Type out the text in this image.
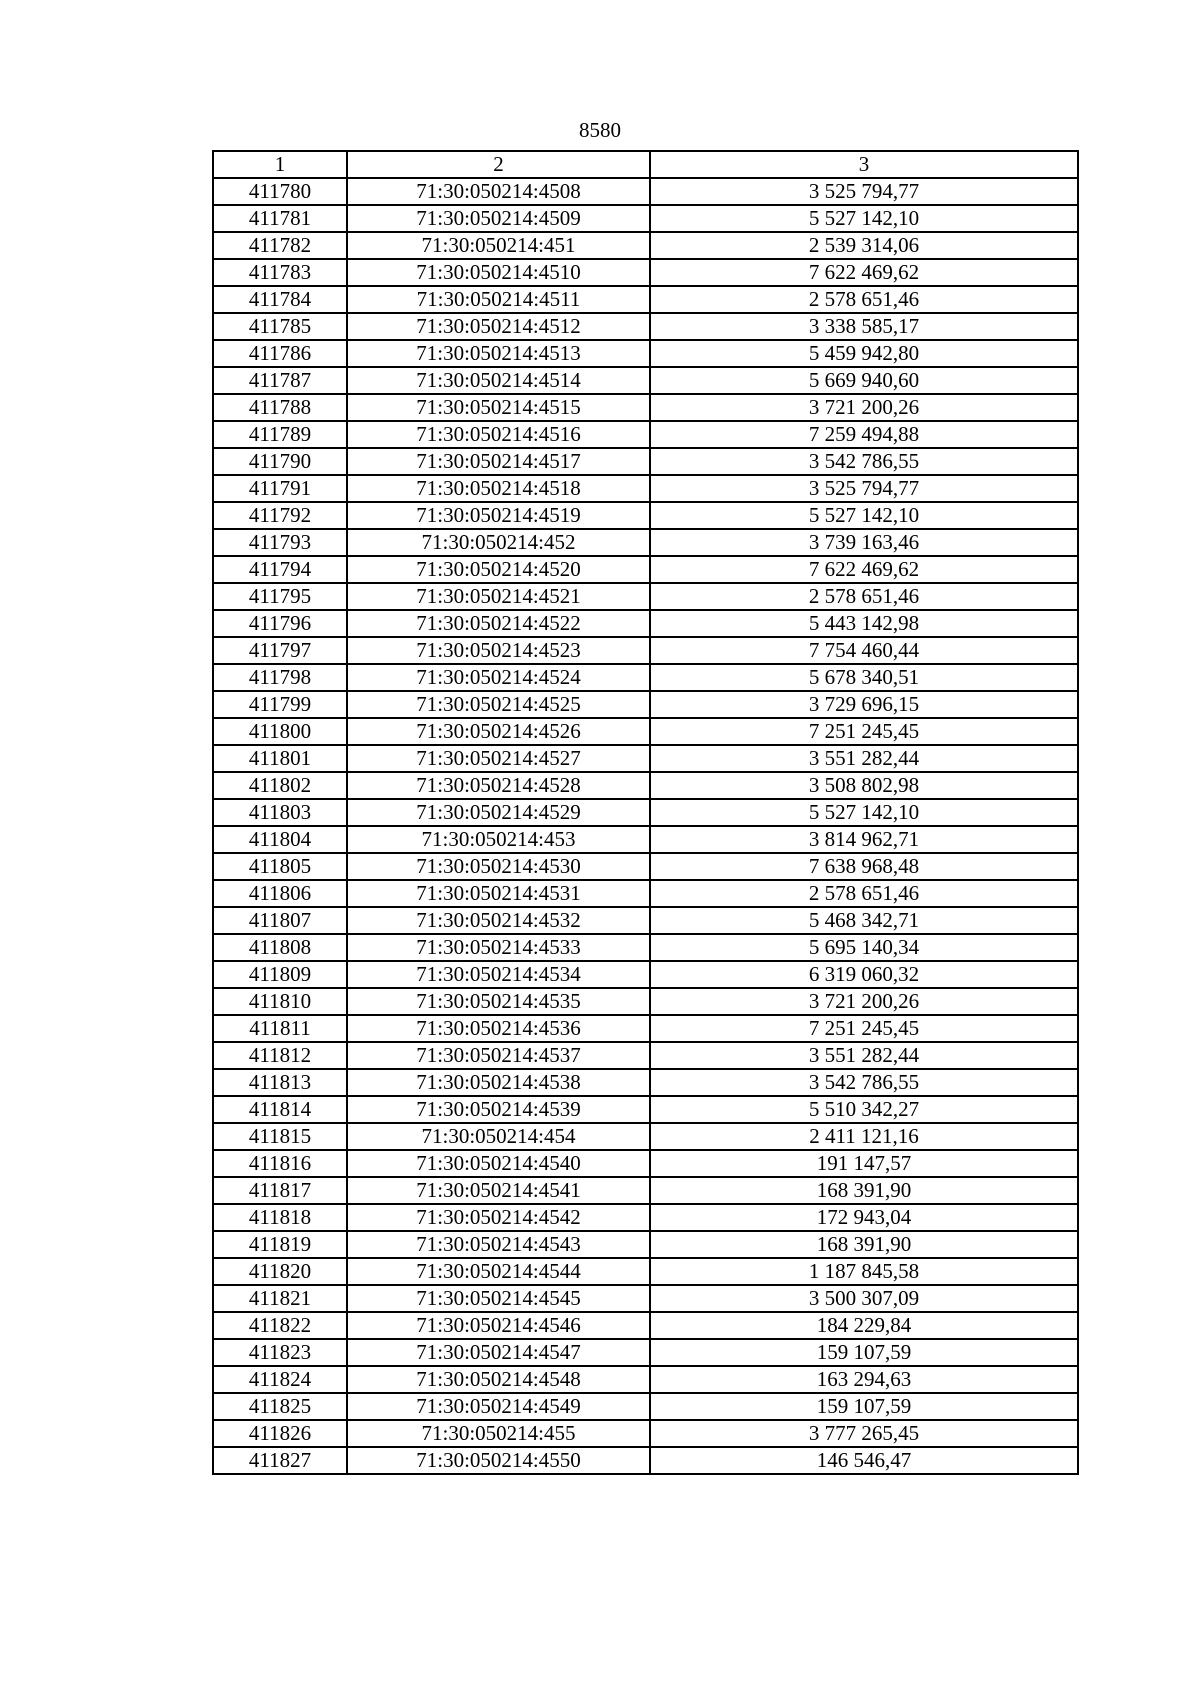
8580
1	2	3
411780	71:30:050214:4508	3 525 794,77
411781	71:30:050214:4509	5 527 142,10
411782	71:30:050214:451	2 539 314,06
411783	71:30:050214:4510	7 622 469,62
411784	71:30:050214:4511	2 578 651,46
411785	71:30:050214:4512	3 338 585,17
411786	71:30:050214:4513	5 459 942,80
411787	71:30:050214:4514	5 669 940,60
411788	71:30:050214:4515	3 721 200,26
411789	71:30:050214:4516	7 259 494,88
411790	71:30:050214:4517	3 542 786,55
411791	71:30:050214:4518	3 525 794,77
411792	71:30:050214:4519	5 527 142,10
411793	71:30:050214:452	3 739 163,46
411794	71:30:050214:4520	7 622 469,62
411795	71:30:050214:4521	2 578 651,46
411796	71:30:050214:4522	5 443 142,98
411797	71:30:050214:4523	7 754 460,44
411798	71:30:050214:4524	5 678 340,51
411799	71:30:050214:4525	3 729 696,15
411800	71:30:050214:4526	7 251 245,45
411801	71:30:050214:4527	3 551 282,44
411802	71:30:050214:4528	3 508 802,98
411803	71:30:050214:4529	5 527 142,10
411804	71:30:050214:453	3 814 962,71
411805	71:30:050214:4530	7 638 968,48
411806	71:30:050214:4531	2 578 651,46
411807	71:30:050214:4532	5 468 342,71
411808	71:30:050214:4533	5 695 140,34
411809	71:30:050214:4534	6 319 060,32
411810	71:30:050214:4535	3 721 200,26
411811	71:30:050214:4536	7 251 245,45
411812	71:30:050214:4537	3 551 282,44
411813	71:30:050214:4538	3 542 786,55
411814	71:30:050214:4539	5 510 342,27
411815	71:30:050214:454	2 411 121,16
411816	71:30:050214:4540	191 147,57
411817	71:30:050214:4541	168 391,90
411818	71:30:050214:4542	172 943,04
411819	71:30:050214:4543	168 391,90
411820	71:30:050214:4544	1 187 845,58
411821	71:30:050214:4545	3 500 307,09
411822	71:30:050214:4546	184 229,84
411823	71:30:050214:4547	159 107,59
411824	71:30:050214:4548	163 294,63
411825	71:30:050214:4549	159 107,59
411826	71:30:050214:455	3 777 265,45
411827	71:30:050214:4550	146 546,47
